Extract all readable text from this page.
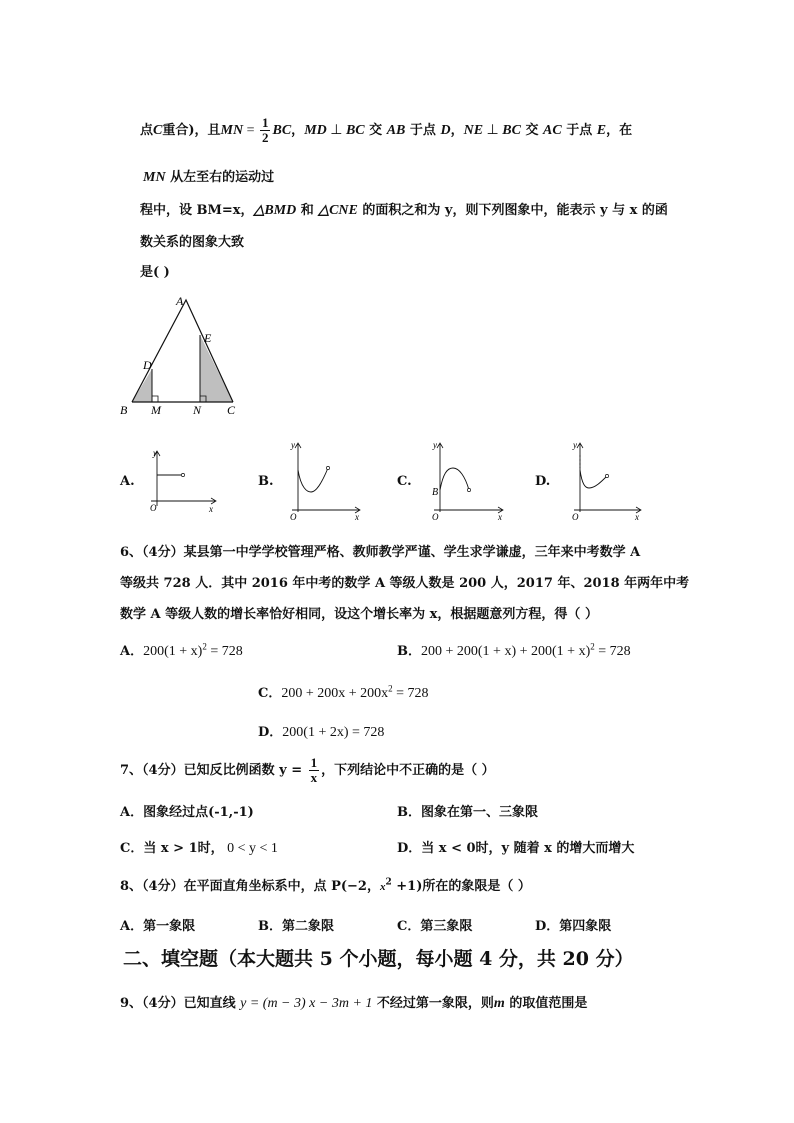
点C重合)，且MN = $\frac{1}{2}$ BC，MD ⊥ BC 交 AB 于点 D，NE ⊥ BC 交 AC 于点 E，在
MN 从左至右的运动过
程中，设 BM=x，△BMD 和 △CNE 的面积之和为 y，则下列图象中，能表示 y 与 x 的函
数关系的图象大致
是( )
A
B	C
D
E
M	N
A.
y
x
O
B.
y
x
O
C.
y
x
O
B
D.
y
x
O
6、（4分）某县第一中学学校管理严格、教师教学严谨、学生求学谦虚，三年来中考数学 A
等级共 728 人．其中 2016 年中考的数学 A 等级人数是 200 人，2017 年、2018 年两年中考
数学 A 等级人数的增长率恰好相同，设这个增长率为 x，根据题意列方程，得（ ）
A．$200(1 + x)^2 = 728$	B．$200 + 200(1 + x) + 200(1 + x)^2 = 728$
C．$200 + 200x + 200x^2 = 728$
D．200(1 + 2x) = 728
7、（4分）已知反比例函数 $y = \frac{1}{x}$ ，下列结论中不正确的是（ ）
A．图象经过点(-1,-1)	B．图象在第一、三象限
C．当 x > 1时， 0 < y < 1	D．当 x < 0时，y 随着 x 的增大而增大
8、（4分）在平面直角坐标系中，点 P(−2，$x^2 +1$)所在的象限是（ ）
A．第一象限	B．第二象限	C．第三象限	D．第四象限
二、填空题（本大题共 5 个小题，每小题 4 分，共 20 分）
9、（4分）已知直线 y = (m − 3) x − 3m + 1 不经过第一象限，则m 的取值范围是
